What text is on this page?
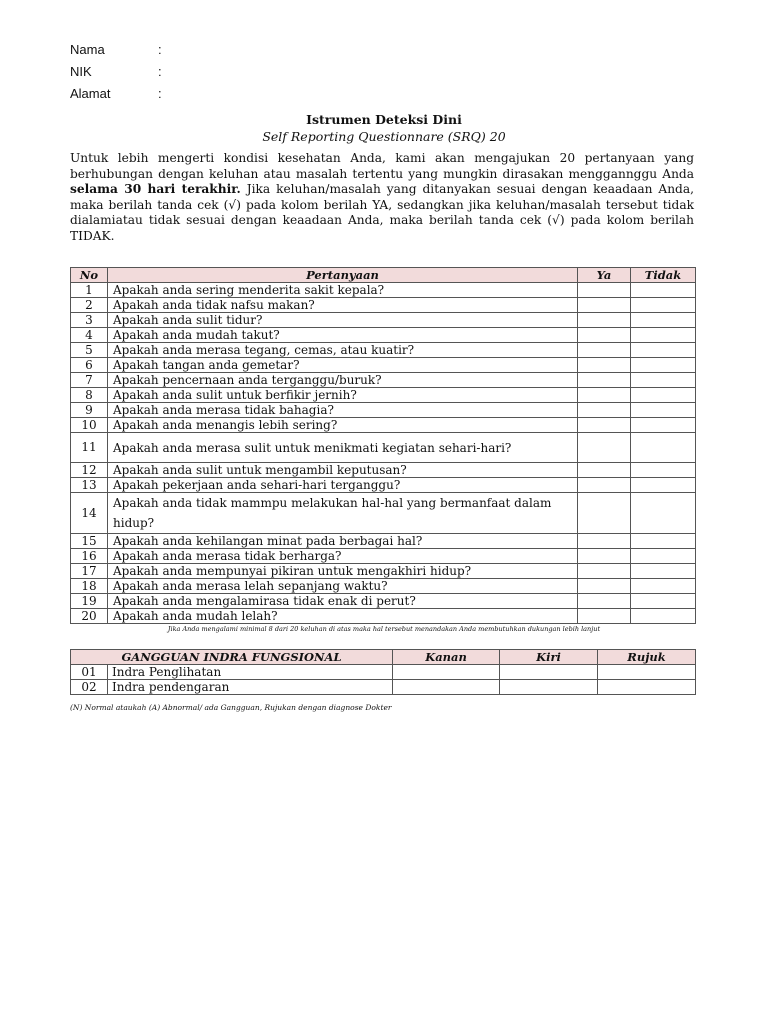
Nama	:
NIK	:
Alamat	:
Istrumen Deteksi Dini
Self Reporting Questionnare (SRQ) 20

Untuk lebih mengerti kondisi kesehatan Anda, kami akan mengajukan 20 pertanyaan yang berhubungan dengan keluhan atau masalah tertentu yang mungkin dirasakan menggannggu Anda selama 30 hari terakhir. Jika keluhan/masalah yang ditanyakan sesuai dengan keaadaan Anda, maka berilah tanda cek (√) pada kolom berilah YA, sedangkan jika keluhan/masalah tersebut tidak dialamiatau tidak sesuai dengan keaadaan Anda, maka berilah tanda cek (√) pada kolom berilah TIDAK.

No	Pertanyaan	Ya	Tidak
1	Apakah anda sering menderita sakit kepala?		
2	Apakah anda tidak nafsu makan?		
3	Apakah anda sulit tidur?		
4	Apakah anda mudah takut?		
5	Apakah anda merasa tegang, cemas, atau kuatir?		
6	Apakah tangan anda gemetar?		
7	Apakah pencernaan anda terganggu/buruk?		
8	Apakah anda sulit untuk berfikir jernih?		
9	Apakah anda merasa tidak bahagia?		
10	Apakah anda menangis lebih sering?		
11	Apakah anda merasa sulit untuk menikmati kegiatan sehari-hari?		
12	Apakah anda sulit untuk mengambil keputusan?		
13	Apakah pekerjaan anda sehari-hari terganggu?		
14	Apakah anda tidak mammpu melakukan hal-hal yang bermanfaat dalam hidup?		
15	Apakah anda kehilangan minat pada berbagai hal?		
16	Apakah anda merasa tidak berharga?		
17	Apakah anda mempunyai pikiran untuk mengakhiri hidup?		
18	Apakah anda merasa lelah sepanjang waktu?		
19	Apakah anda mengalamirasa tidak enak di perut?		
20	Apakah anda mudah lelah?		
Jika Anda mengalami minimal 8 dari 20 keluhan di atas maka hal tersebut menandakan Anda membutuhkan dukungan lebih lanjut
GANGGUAN INDRA FUNGSIONAL		Kanan	Kiri	Rujuk
01	Indra Penglihatan			
02	Indra pendengaran			
(N) Normal ataukah (A) Abnormal/ ada Gangguan, Rujukan dengan diagnose Dokter
